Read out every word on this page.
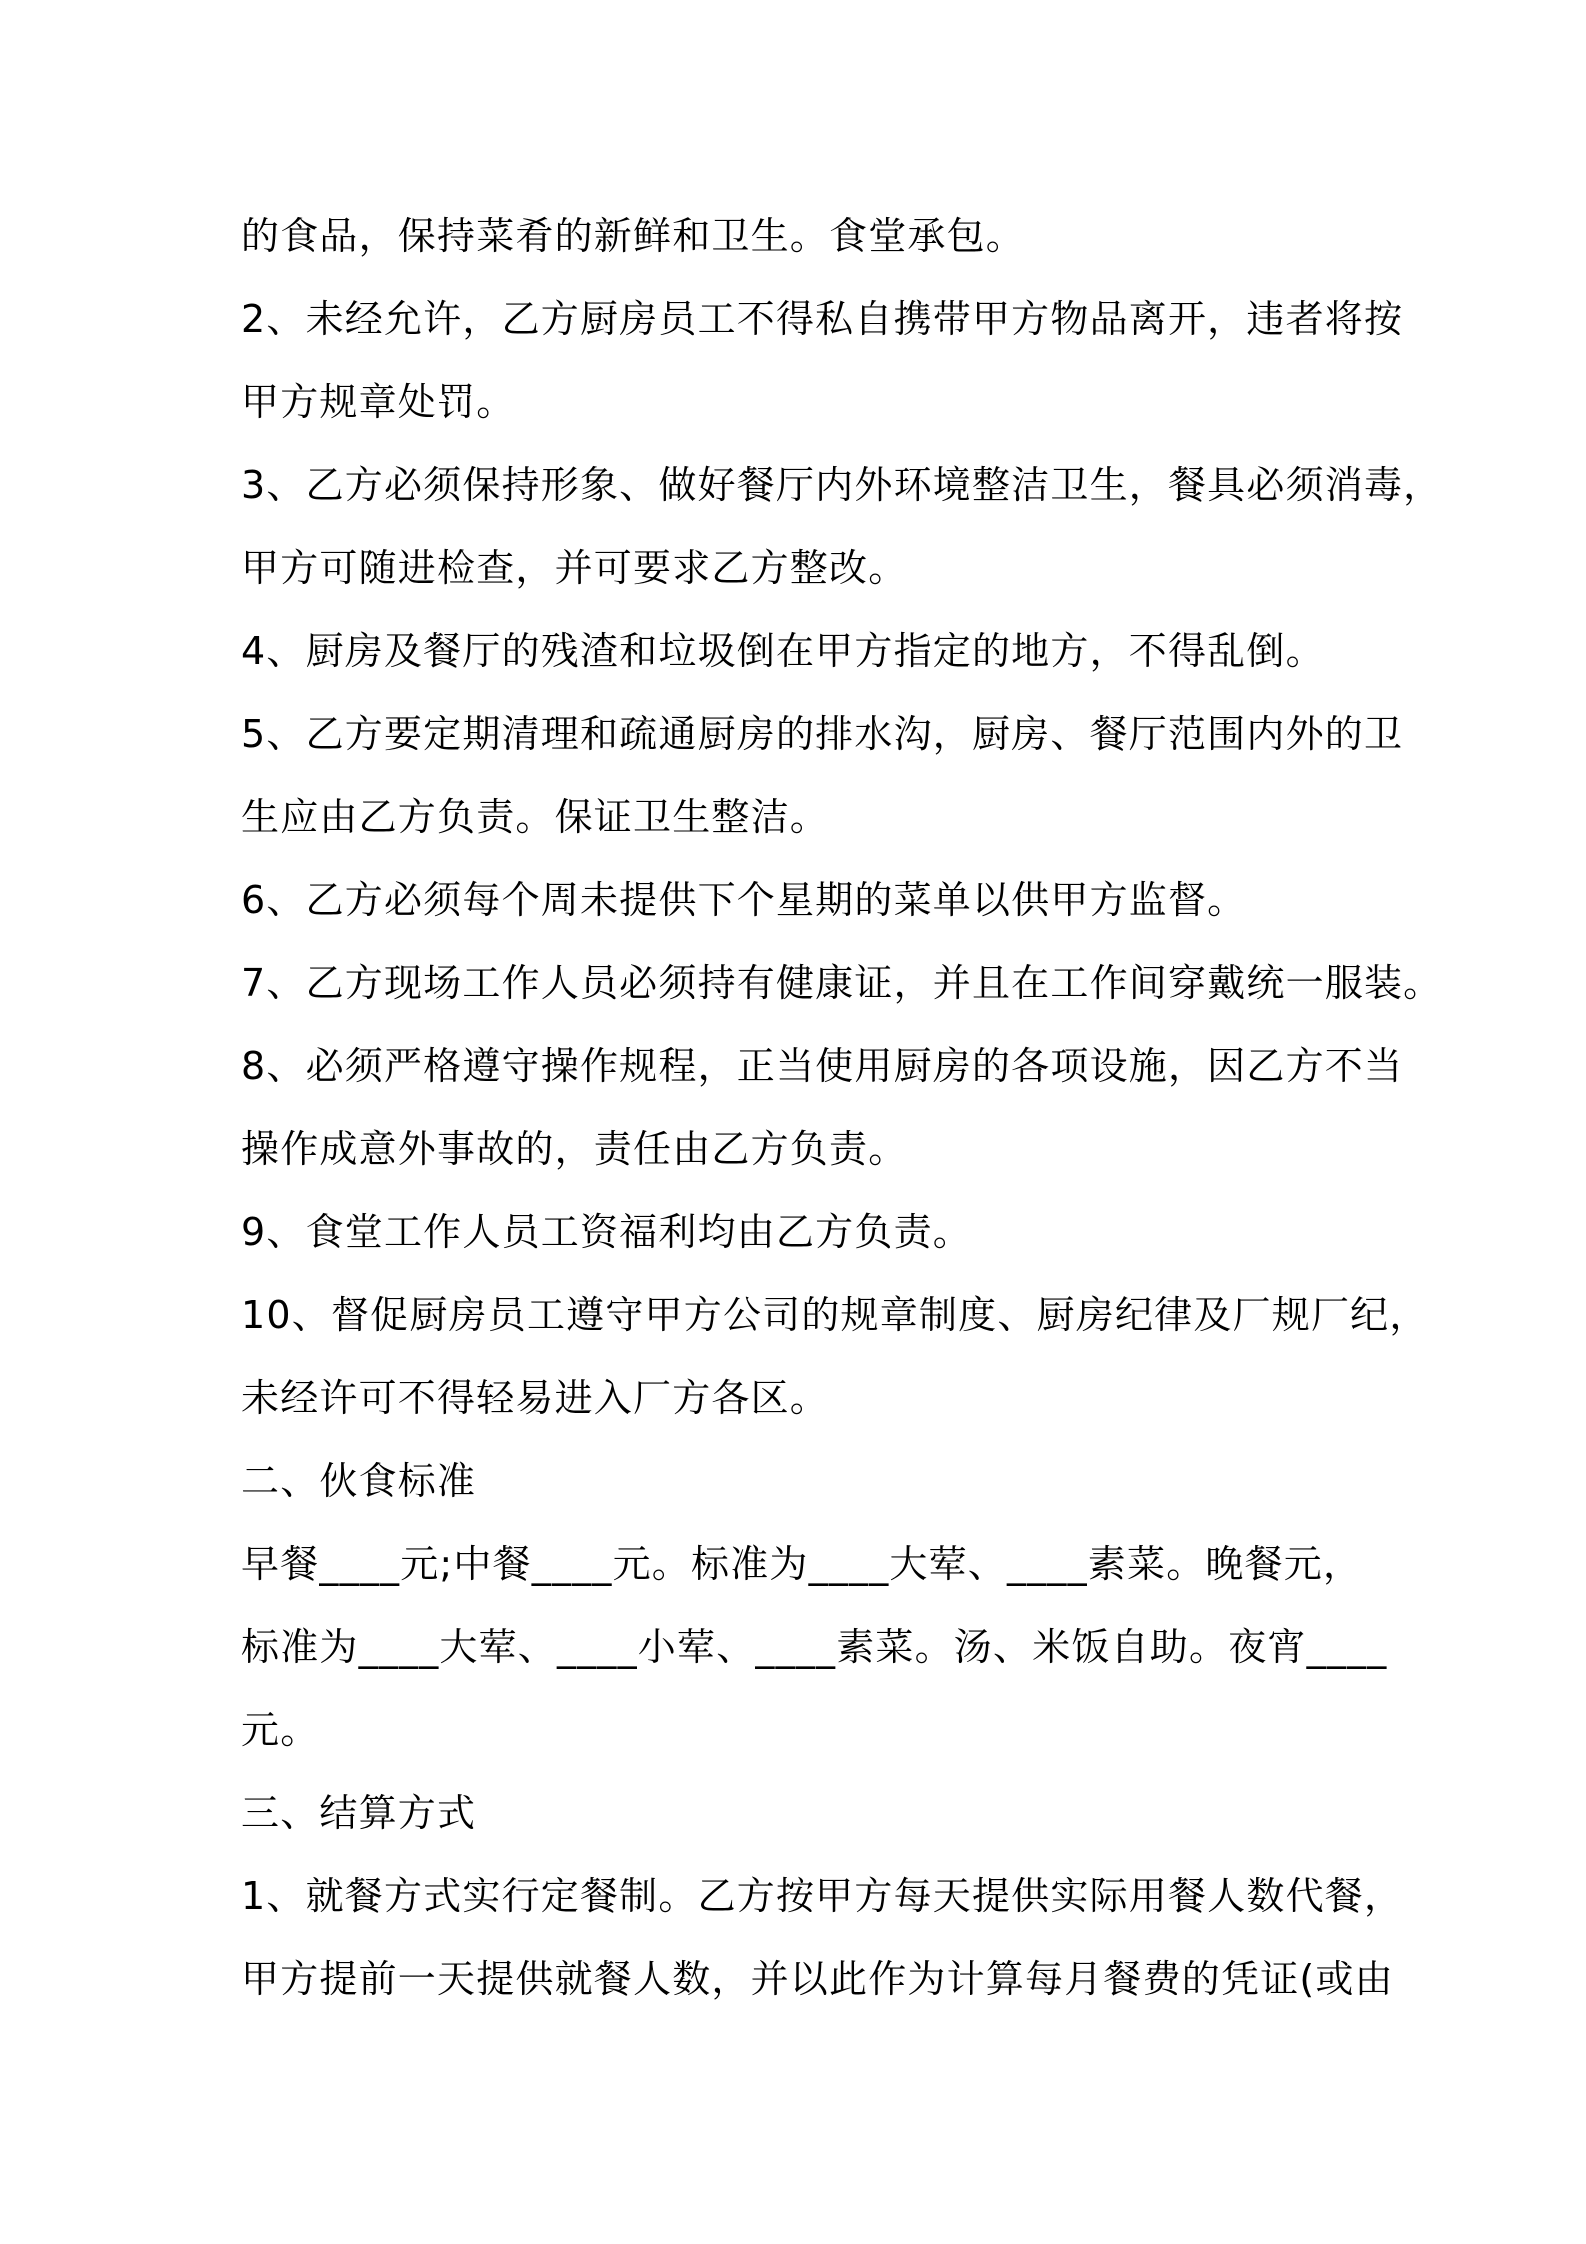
的食品，保持菜肴的新鲜和卫生。食堂承包。
2、未经允许，乙方厨房员工不得私自携带甲方物品离开，违者将按
甲方规章处罚。
3、乙方必须保持形象、做好餐厅内外环境整洁卫生，餐具必须消毒，
甲方可随进检查，并可要求乙方整改。
4、厨房及餐厅的残渣和垃圾倒在甲方指定的地方，不得乱倒。
5、乙方要定期清理和疏通厨房的排水沟，厨房、餐厅范围内外的卫
生应由乙方负责。保证卫生整洁。
6、乙方必须每个周未提供下个星期的菜单以供甲方监督。
7、乙方现场工作人员必须持有健康证，并且在工作间穿戴统一服装。
8、必须严格遵守操作规程，正当使用厨房的各项设施，因乙方不当
操作成意外事故的，责任由乙方负责。
9、食堂工作人员工资福利均由乙方负责。
10、督促厨房员工遵守甲方公司的规章制度、厨房纪律及厂规厂纪，
未经许可不得轻易进入厂方各区。
二、伙食标准
早餐____元;中餐____元。标准为____大荤、____素菜。晚餐元，
标准为____大荤、____小荤、____素菜。汤、米饭自助。夜宵____
元。
三、结算方式
1、就餐方式实行定餐制。乙方按甲方每天提供实际用餐人数代餐，
甲方提前一天提供就餐人数，并以此作为计算每月餐费的凭证(或由
